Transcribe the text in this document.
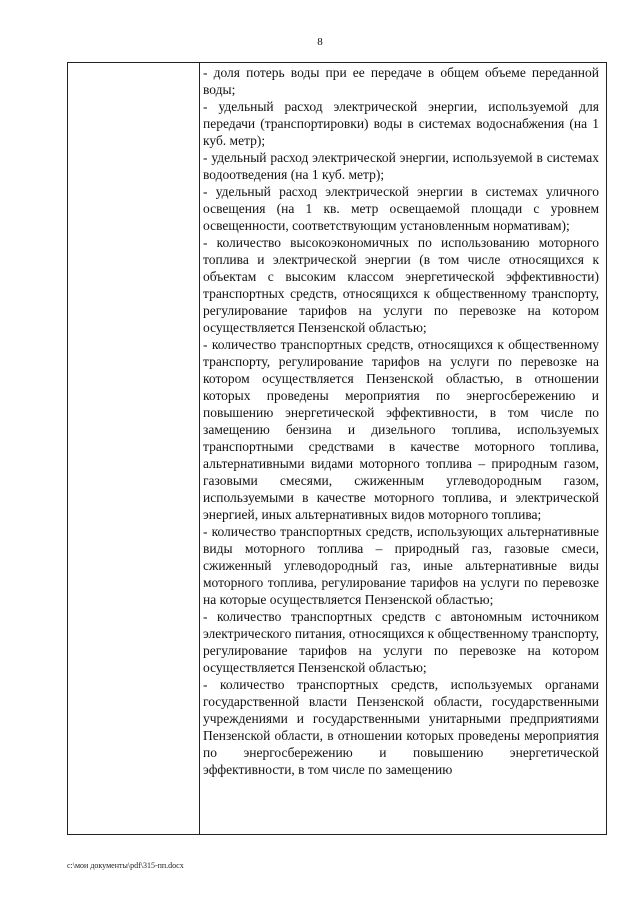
8

- доля потерь воды при ее передаче в общем объеме переданной воды;

- удельный расход электрической энергии, используемой для передачи (транспортировки) воды в системах водоснабжения (на 1 куб. метр);

- удельный расход электрической энергии, используемой в системах водоотведения (на 1 куб. метр);

- удельный расход электрической энергии в системах уличного освещения (на 1 кв. метр освещаемой площади с уровнем освещенности, соответствующим установленным нормативам);

- количество высокоэкономичных по использованию моторного топлива и электрической энергии (в том числе относящихся к объектам с высоким классом энергетической эффективности) транспортных средств, относящихся к общественному транспорту, регулирование тарифов на услуги по перевозке на котором осуществляется Пензенской областью;

- количество транспортных средств, относящихся к общественному транспорту, регулирование тарифов на услуги по перевозке на котором осуществляется Пензенской областью, в отношении которых проведены мероприятия по энергосбережению и повышению энергетической эффективности, в том числе по замещению бензина и дизельного топлива, используемых транспортными средствами в качестве моторного топлива, альтернативными видами моторного топлива – природным газом, газовыми смесями, сжиженным углеводородным газом, используемыми в качестве моторного топлива, и электрической энергией, иных альтернативных видов моторного топлива;

- количество транспортных средств, использующих альтернативные виды моторного топлива – природный газ, газовые смеси, сжиженный углеводородный газ, иные альтернативные виды моторного топлива, регулирование тарифов на услуги по перевозке на которые осуществляется Пензенской областью;

- количество транспортных средств с автономным источником электрического питания, относящихся к общественному транспорту, регулирование тарифов на услуги по перевозке на котором осуществляется Пензенской областью;

- количество транспортных средств, используемых органами государственной власти Пензенской области, государственными учреждениями и государственными унитарными предприятиями Пензенской области, в отношении которых проведены мероприятия по энергосбережению и повышению энергетической эффективности, в том числе по замещению

c:\мои документы\pdf\315-пп.docx
